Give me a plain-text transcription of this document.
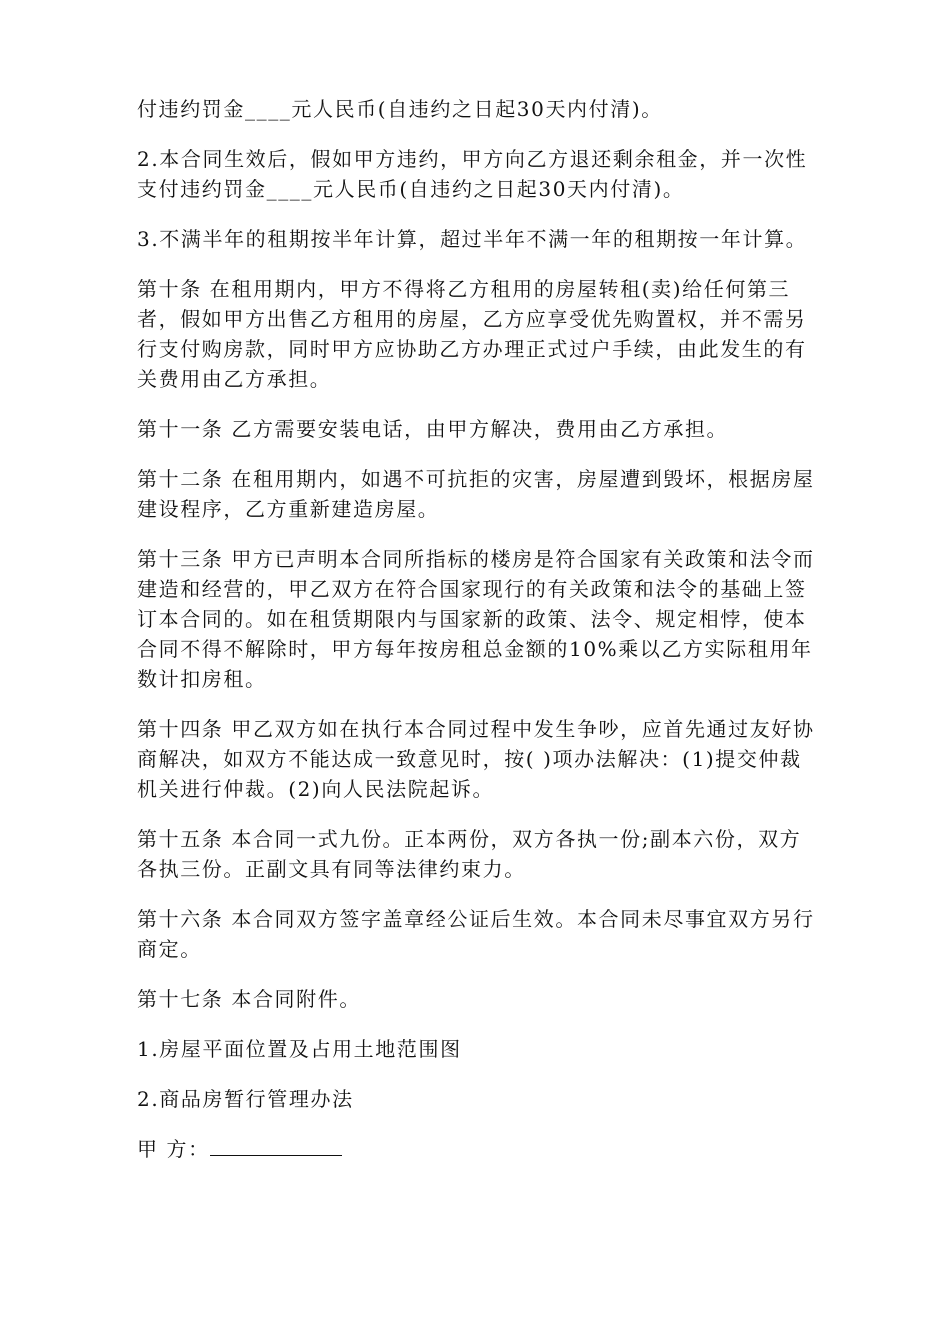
付违约罚金____元人民币(自违约之日起30天内付清)。

2.本合同生效后，假如甲方违约，甲方向乙方退还剩余租金，并一次性支付违约罚金____元人民币(自违约之日起30天内付清)。

3.不满半年的租期按半年计算，超过半年不满一年的租期按一年计算。

第十条 在租用期内，甲方不得将乙方租用的房屋转租(卖)给任何第三者，假如甲方出售乙方租用的房屋，乙方应享受优先购置权，并不需另行支付购房款，同时甲方应协助乙方办理正式过户手续，由此发生的有关费用由乙方承担。

第十一条 乙方需要安装电话，由甲方解决，费用由乙方承担。

第十二条 在租用期内，如遇不可抗拒的灾害，房屋遭到毁坏，根据房屋建设程序，乙方重新建造房屋。

第十三条 甲方已声明本合同所指标的楼房是符合国家有关政策和法令而建造和经营的，甲乙双方在符合国家现行的有关政策和法令的基础上签订本合同的。如在租赁期限内与国家新的政策、法令、规定相悖，使本合同不得不解除时，甲方每年按房租总金额的10%乘以乙方实际租用年数计扣房租。

第十四条 甲乙双方如在执行本合同过程中发生争吵，应首先通过友好协商解决，如双方不能达成一致意见时，按( )项办法解决：(1)提交仲裁机关进行仲裁。(2)向人民法院起诉。

第十五条 本合同一式九份。正本两份，双方各执一份;副本六份，双方各执三份。正副文具有同等法律约束力。

第十六条 本合同双方签字盖章经公证后生效。本合同未尽事宜双方另行商定。

第十七条 本合同附件。

1.房屋平面位置及占用土地范围图

2.商品房暂行管理办法

甲 方：
